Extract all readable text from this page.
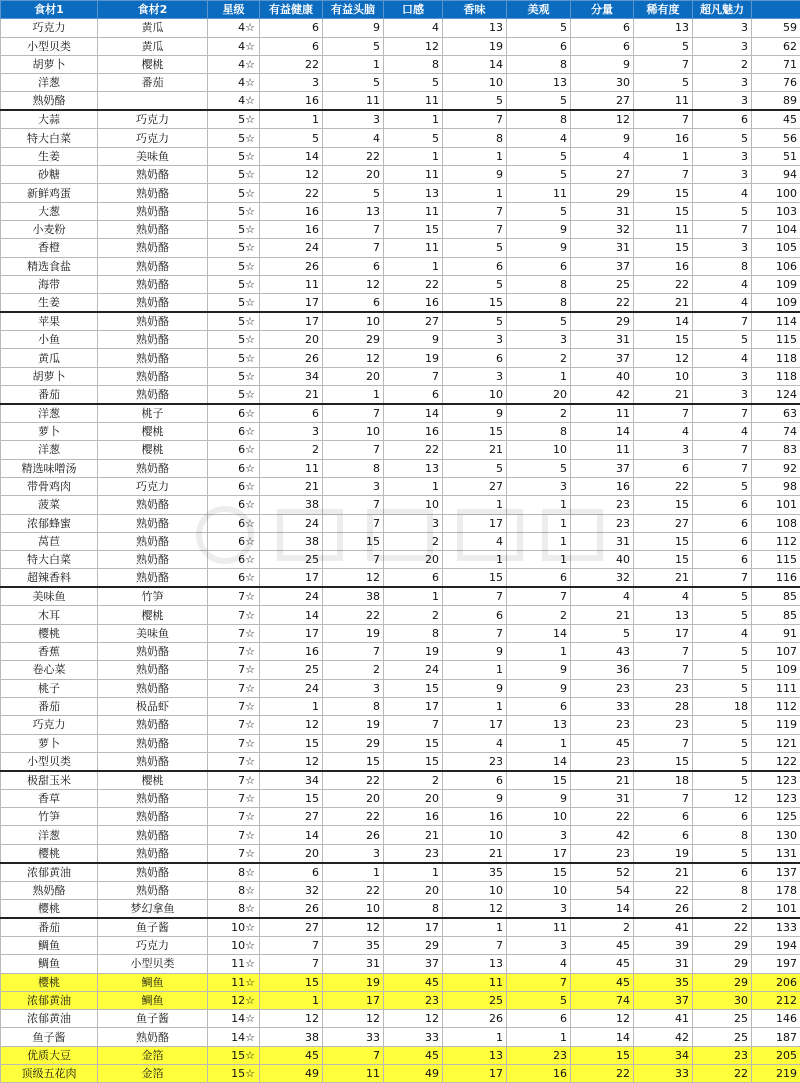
食材1	食材2	星级	有益健康	有益头脑	口感	香味	美观	分量	稀有度	超凡魅力	
巧克力	黄瓜	4☆	6	9	4	13	5	6	13	3	59
小型贝类	黄瓜	4☆	6	5	12	19	6	6	5	3	62
胡萝卜	樱桃	4☆	22	1	8	14	8	9	7	2	71
洋葱	番茄	4☆	3	5	5	10	13	30	5	3	76
熟奶酪		4☆	16	11	11	5	5	27	11	3	89
大蒜	巧克力	5☆	1	3	1	7	8	12	7	6	45
特大白菜	巧克力	5☆	5	4	5	8	4	9	16	5	56
生姜	美味鱼	5☆	14	22	1	1	5	4	1	3	51
砂糖	熟奶酪	5☆	12	20	11	9	5	27	7	3	94
新鲜鸡蛋	熟奶酪	5☆	22	5	13	1	11	29	15	4	100
大葱	熟奶酪	5☆	16	13	11	7	5	31	15	5	103
小麦粉	熟奶酪	5☆	16	7	15	7	9	32	11	7	104
香橙	熟奶酪	5☆	24	7	11	5	9	31	15	3	105
精选食盐	熟奶酪	5☆	26	6	1	6	6	37	16	8	106
海带	熟奶酪	5☆	11	12	22	5	8	25	22	4	109
生姜	熟奶酪	5☆	17	6	16	15	8	22	21	4	109
苹果	熟奶酪	5☆	17	10	27	5	5	29	14	7	114
小鱼	熟奶酪	5☆	20	29	9	3	3	31	15	5	115
黄瓜	熟奶酪	5☆	26	12	19	6	2	37	12	4	118
胡萝卜	熟奶酪	5☆	34	20	7	3	1	40	10	3	118
番茄	熟奶酪	5☆	21	1	6	10	20	42	21	3	124
洋葱	桃子	6☆	6	7	14	9	2	11	7	7	63
萝卜	樱桃	6☆	3	10	16	15	8	14	4	4	74
洋葱	樱桃	6☆	2	7	22	21	10	11	3	7	83
精选味噌汤	熟奶酪	6☆	11	8	13	5	5	37	6	7	92
带骨鸡肉	巧克力	6☆	21	3	1	27	3	16	22	5	98
菠菜	熟奶酪	6☆	38	7	10	1	1	23	15	6	101
浓郁蜂蜜	熟奶酪	6☆	24	7	3	17	1	23	27	6	108
莴苣	熟奶酪	6☆	38	15	2	4	1	31	15	6	112
特大白菜	熟奶酪	6☆	25	7	20	1	1	40	15	6	115
超辣香料	熟奶酪	6☆	17	12	6	15	6	32	21	7	116
美味鱼	竹笋	7☆	24	38	1	7	7	4	4	5	85
木耳	樱桃	7☆	14	22	2	6	2	21	13	5	85
樱桃	美味鱼	7☆	17	19	8	7	14	5	17	4	91
香蕉	熟奶酪	7☆	16	7	19	9	1	43	7	5	107
卷心菜	熟奶酪	7☆	25	2	24	1	9	36	7	5	109
桃子	熟奶酪	7☆	24	3	15	9	9	23	23	5	111
番茄	极品虾	7☆	1	8	17	1	6	33	28	18	112
巧克力	熟奶酪	7☆	12	19	7	17	13	23	23	5	119
萝卜	熟奶酪	7☆	15	29	15	4	1	45	7	5	121
小型贝类	熟奶酪	7☆	12	15	15	23	14	23	15	5	122
极甜玉米	樱桃	7☆	34	22	2	6	15	21	18	5	123
香草	熟奶酪	7☆	15	20	20	9	9	31	7	12	123
竹笋	熟奶酪	7☆	27	22	16	16	10	22	6	6	125
洋葱	熟奶酪	7☆	14	26	21	10	3	42	6	8	130
樱桃	熟奶酪	7☆	20	3	23	21	17	23	19	5	131
浓郁黄油	熟奶酪	8☆	6	1	1	35	15	52	21	6	137
熟奶酪	熟奶酪	8☆	32	22	20	10	10	54	22	8	178
樱桃	梦幻拿鱼	8☆	26	10	8	12	3	14	26	2	101
番茄	鱼子酱	10☆	27	12	17	1	11	2	41	22	133
鲷鱼	巧克力	10☆	7	35	29	7	3	45	39	29	194
鲷鱼	小型贝类	11☆	7	31	37	13	4	45	31	29	197
樱桃	鲷鱼	11☆	15	19	45	11	7	45	35	29	206
浓郁黄油	鲷鱼	12☆	1	17	23	25	5	74	37	30	212
浓郁黄油	鱼子酱	14☆	12	12	12	26	6	12	41	25	146
鱼子酱	熟奶酪	14☆	38	33	33	1	1	14	42	25	187
优质大豆	金箔	15☆	45	7	45	13	23	15	34	23	205
顶级五花肉	金箔	15☆	49	11	49	17	16	22	33	22	219
